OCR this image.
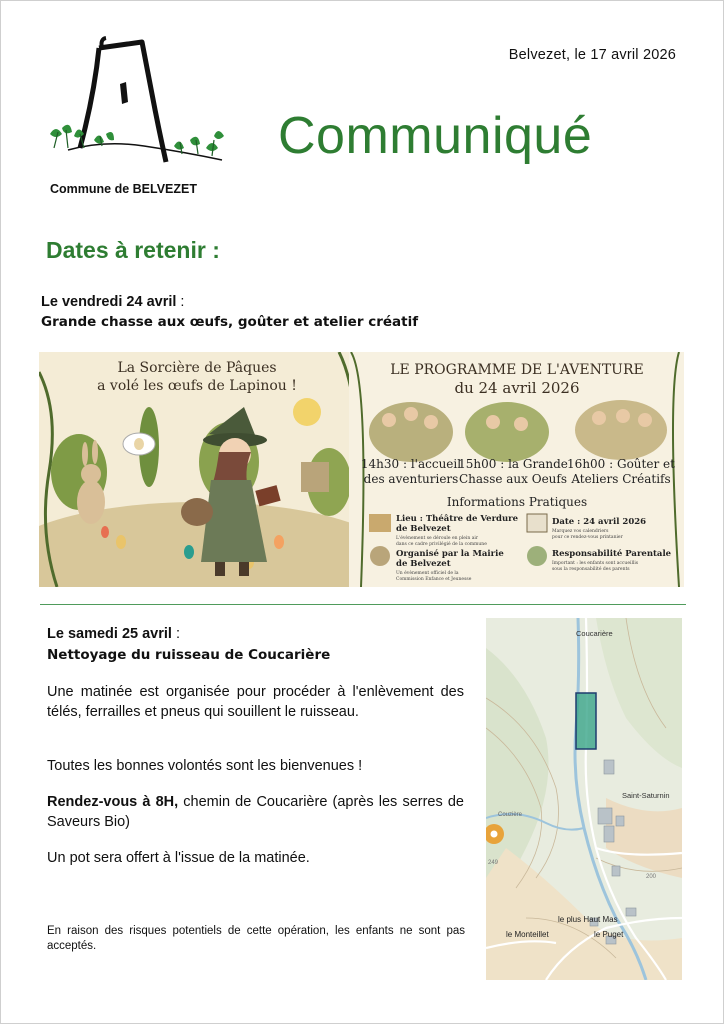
Commune de BELVEZET
Belvezet, le 17 avril 2026
Communiqué
Dates à retenir :
Le vendredi 24 avril :
Grande chasse aux œufs, goûter et atelier créatif
La Sorcière de Pâques
a volé les œufs de Lapinou !
LE PROGRAMME DE L'AVENTURE
du 24 avril 2026
14h30 : l'accueil
des aventuriers
15h00 : la Grande
Chasse aux Oeufs
16h00 : Goûter et
Ateliers Créatifs
Informations Pratiques
Lieu : Théâtre de Verdure
de Belvezet
L'évènement se déroule en plein air
dans ce cadre privilégié de la commune
Date : 24 avril 2026
Marquez vos calendriers
pour ce rendez-vous printanier
Organisé par la Mairie
de Belvezet
Un évènement officiel de la
Commission Enfance et Jeunesse
Responsabilité Parentale
Important : les enfants sont accueillis
sous la responsabilité des parents
Le samedi 25 avril :
Nettoyage du ruisseau de Coucarière
Une matinée est organisée pour procéder à l'enlèvement des télés, ferrailles et pneus qui souillent le ruisseau.
Toutes les bonnes volontés sont les bienvenues !
Rendez-vous à 8H, chemin de Coucarière (après les serres de Saveurs Bio)
Un pot sera offert à l'issue de la matinée.
En raison des risques potentiels de cette opération, les enfants ne sont pas acceptés.
Coucarière
Saint-Saturnin
Couzière
249
200
le plus Haut Mas
le Monteillet	le Puget
